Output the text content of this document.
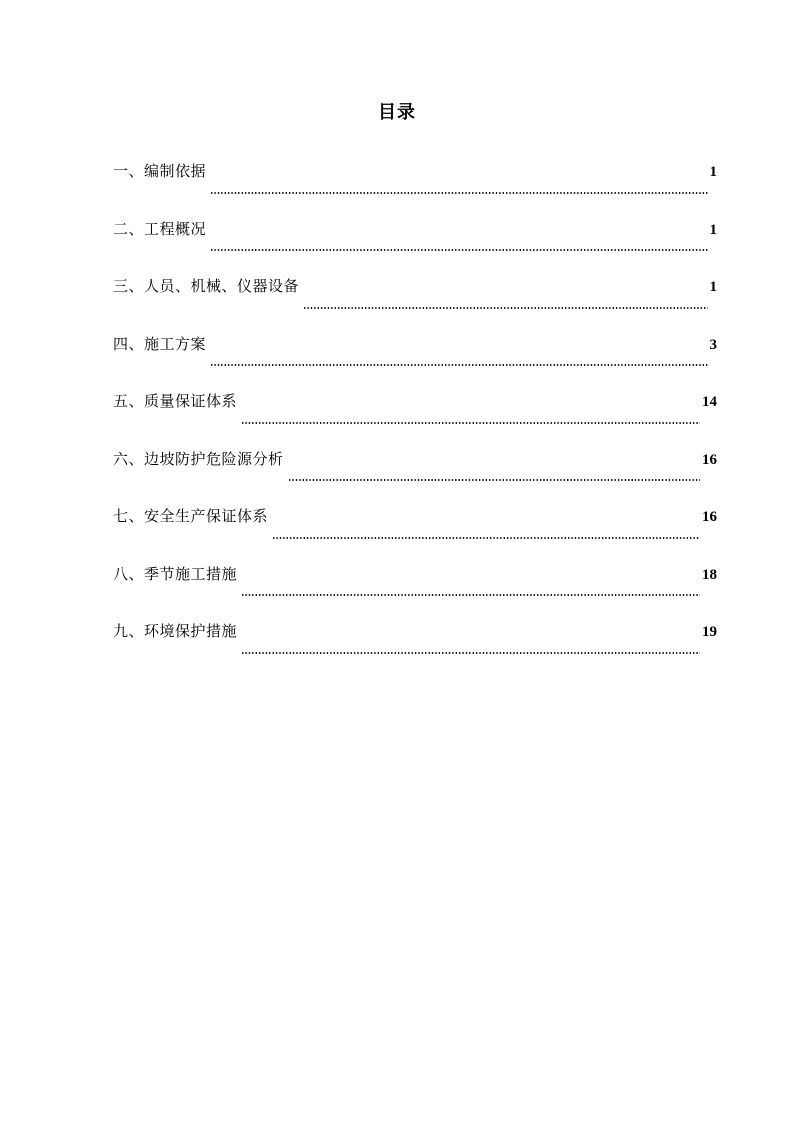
目录
一、编制依据	1
二、工程概况	1
三、人员、机械、仪器设备	1
四、施工方案	3
五、质量保证体系	14
六、边坡防护危险源分析	16
七、安全生产保证体系	16
八、季节施工措施	18
九、环境保护措施	19
